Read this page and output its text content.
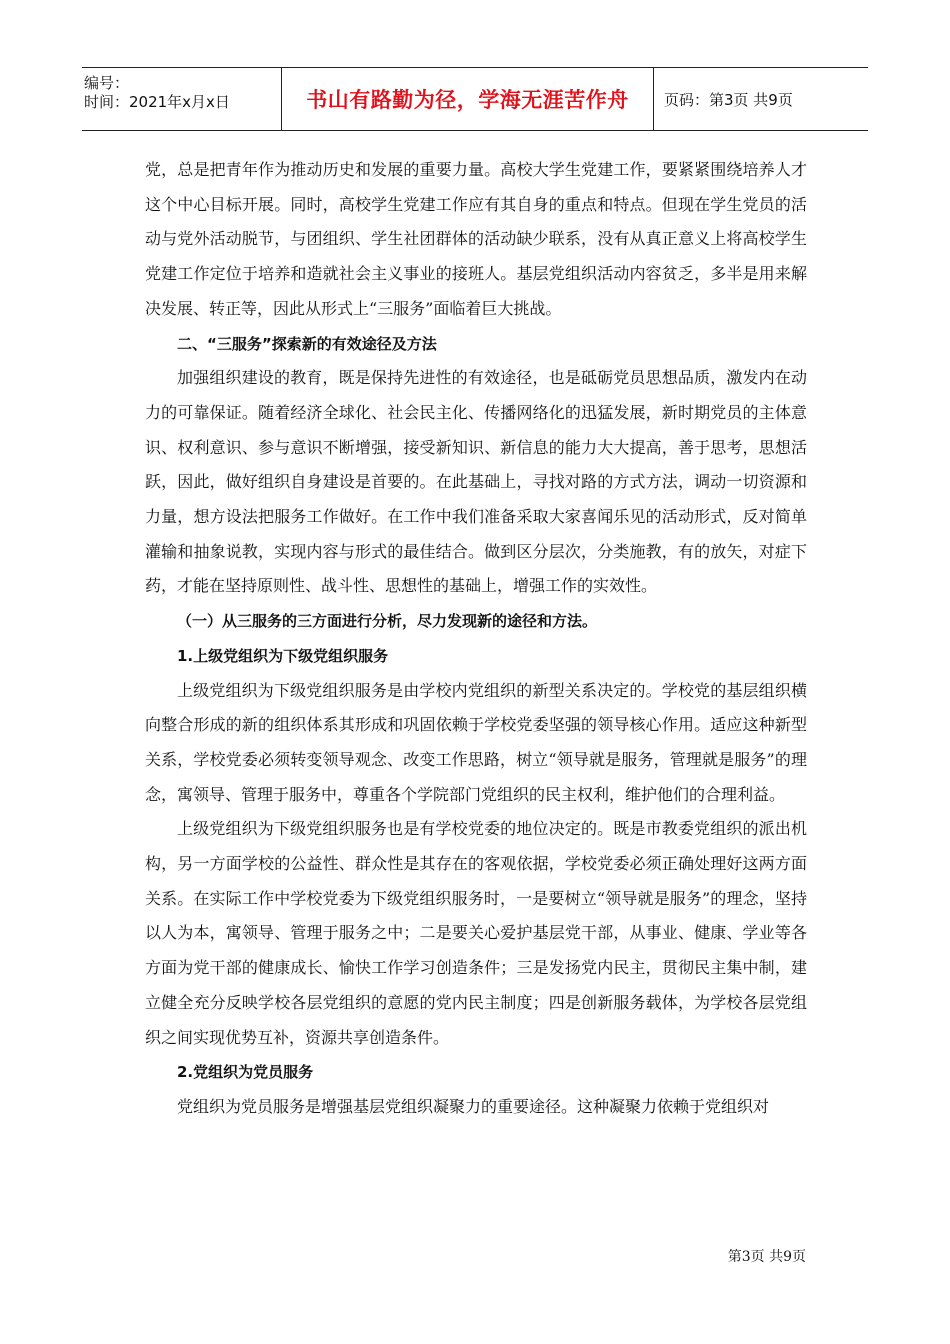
编号：
时间：2021年x月x日	书山有路勤为径，学海无涯苦作舟	页码：第3页 共9页

党，总是把青年作为推动历史和发展的重要力量。高校大学生党建工作，要紧紧围绕培养人才这个中心目标开展。同时，高校学生党建工作应有其自身的重点和特点。但现在学生党员的活动与党外活动脱节，与团组织、学生社团群体的活动缺少联系，没有从真正意义上将高校学生党建工作定位于培养和造就社会主义事业的接班人。基层党组织活动内容贫乏，多半是用来解决发展、转正等，因此从形式上“三服务”面临着巨大挑战。

二、“三服务”探索新的有效途径及方法

加强组织建设的教育，既是保持先进性的有效途径，也是砥砺党员思想品质，激发内在动力的可靠保证。随着经济全球化、社会民主化、传播网络化的迅猛发展，新时期党员的主体意识、权利意识、参与意识不断增强，接受新知识、新信息的能力大大提高，善于思考，思想活跃，因此，做好组织自身建设是首要的。在此基础上，寻找对路的方式方法，调动一切资源和力量，想方设法把服务工作做好。在工作中我们准备采取大家喜闻乐见的活动形式，反对简单灌输和抽象说教，实现内容与形式的最佳结合。做到区分层次，分类施教，有的放矢，对症下药，才能在坚持原则性、战斗性、思想性的基础上，增强工作的实效性。

（一）从三服务的三方面进行分析，尽力发现新的途径和方法。

1.上级党组织为下级党组织服务

上级党组织为下级党组织服务是由学校内党组织的新型关系决定的。学校党的基层组织横向整合形成的新的组织体系其形成和巩固依赖于学校党委坚强的领导核心作用。适应这种新型关系，学校党委必须转变领导观念、改变工作思路，树立“领导就是服务，管理就是服务”的理念，寓领导、管理于服务中，尊重各个学院部门党组织的民主权利，维护他们的合理利益。

上级党组织为下级党组织服务也是有学校党委的地位决定的。既是市教委党组织的派出机构，另一方面学校的公益性、群众性是其存在的客观依据，学校党委必须正确处理好这两方面关系。在实际工作中学校党委为下级党组织服务时，一是要树立“领导就是服务”的理念，坚持以人为本，寓领导、管理于服务之中；二是要关心爱护基层党干部，从事业、健康、学业等各方面为党干部的健康成长、愉快工作学习创造条件；三是发扬党内民主，贯彻民主集中制，建立健全充分反映学校各层党组织的意愿的党内民主制度；四是创新服务载体，为学校各层党组织之间实现优势互补，资源共享创造条件。

2.党组织为党员服务

党组织为党员服务是增强基层党组织凝聚力的重要途径。这种凝聚力依赖于党组织对

第3页 共9页
